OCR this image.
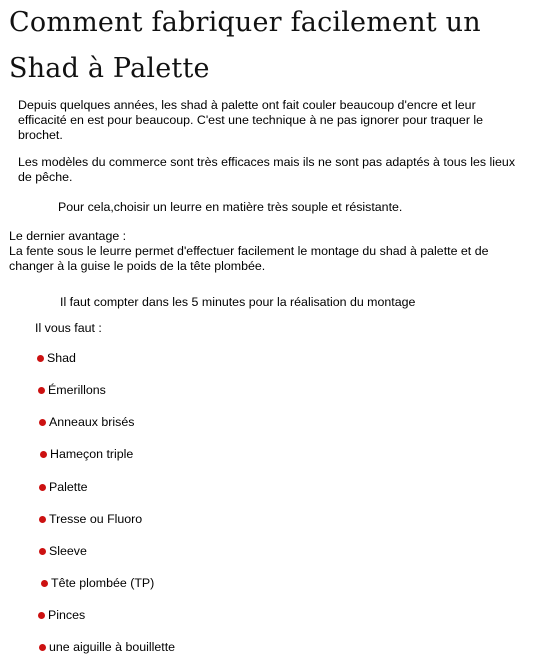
Comment fabriquer facilement un Shad à Palette

Depuis quelques années, les shad à palette ont fait couler beaucoup d'encre et leur efficacité en est pour beaucoup. C'est une technique à ne pas ignorer pour traquer le brochet.

Les modèles du commerce sont très efficaces mais ils ne sont pas adaptés à tous les lieux de pêche.

Pour cela,choisir un leurre en matière très souple et résistante.

Le dernier avantage :
La fente sous le leurre permet d'effectuer facilement le montage du shad à palette et de changer à la guise le poids de la tête plombée.

Il faut compter dans les 5 minutes pour la réalisation du montage

Il vous faut :

Shad
Émerillons
Anneaux brisés
Hameçon triple
Palette
Tresse ou Fluoro
Sleeve
Tête plombée (TP)
Pinces
une aiguille à bouillette
